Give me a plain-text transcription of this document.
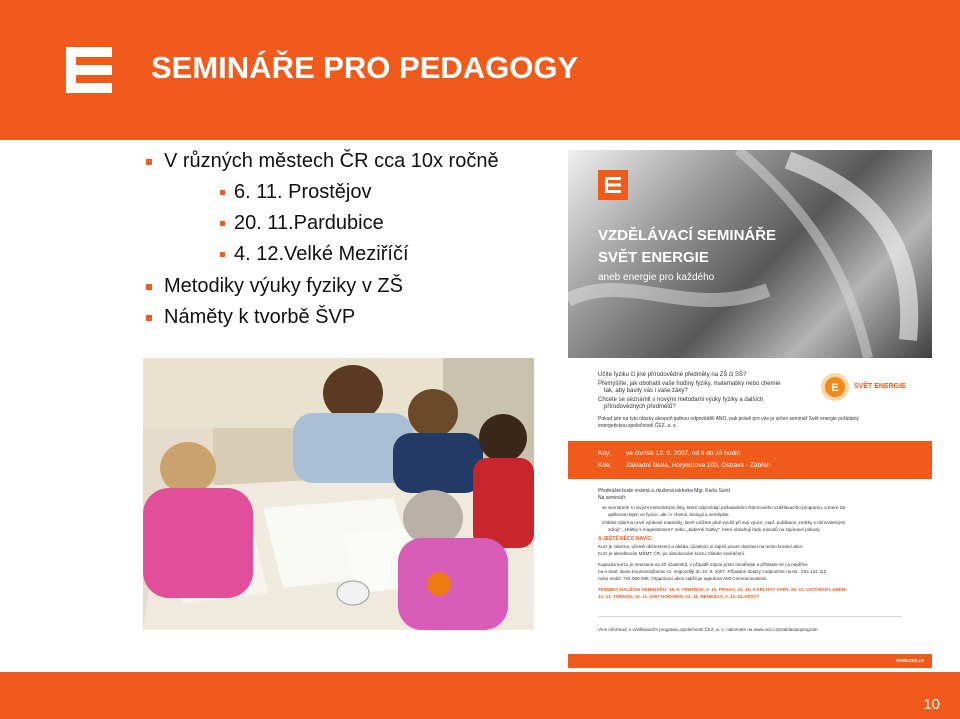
SEMINÁŘE PRO PEDAGOGY
V různých městech ČR cca 10x ročně
6. 11. Prostějov
20. 11.Pardubice
4. 12.Velké Meziříčí
Metodiky výuky fyziky v ZŠ
Náměty k tvorbě ŠVP
VZDĚLÁVACÍ SEMINÁŘE
SVĚT ENERGIE
aneb energie pro každého
Učíte fyziku či jiné přírodovědné předměty na ZŠ či SŠ?
Přemýšlíte, jak obohatit vaše hodiny fyziky, matematiky nebo chemie
tak, aby bavily vás i vaše žáky?
Chcete se seznámit s novými metodami výuky fyziky a dalších
přírodovědných předmětů?
E SVĚT ENERGIE
Pokud jste na tyto otázky alespoň jednou odpověděli ANO, pak právě pro vás je určen seminář Svět energie pořádaný
energetickou společností ČEZ, a. s.
Kdy: ve čtvrtek 13. 9. 2007, od 9 do 16 hodin
Kde: Základní škola, Horymírova 100, Ostrava - Zábřeh
Přednášet bude známá a zkušená lektorka Mgr. Karla Suntí
Na semináři:
se seznámíte s novými metodickými listy, které odpovídají požadavkům Rámcového vzdělávacího programu, a které lze
aplikovat nejen ve fyzice, ale i v chemii, biologii a zeměpise.
získáte zdarma nové výukové materiály, které můžete plně využít při své výuce, např. publikace „Hrátky s obnovitelnými
zdroji", „Hrátky s magnetismem" nebo „Jaderné hrátky", které obsahují řadu návodů na zajímavé pokusy.
A JEŠTĚ NĚCO NAVÍC:
Kurz je zdarma, včetně občerstvení a oběda, účastníci si zajistí pouze dopravu na místo konání akce
Kurz je akreditován MŠMT ČR, po absolvování kurzu získáte osvědčení.
Kapacita kurzu je omezena na 20 účastníků, v případě zájmu proto neváhejte a přihlaste se co nejdříve
na e-mail: danie.boumova@amic.cz, nejpozději do 10. 9. 2007. Případné dotazy zodpovíme na tel.: 234 124 112
nebo mobil: 724 066 055. Organizaci akce zajišťuje agentura AMI Communications.
TERMÍNY DALŠÍCH SEMINÁŘŮ: 18. 9. TRUTNOV, 3. 10. PRAHA, 23. 10. KARLOVY VARY, 26. 10. ÚSTÍ NAD LABEM,
12. 11. TURNOV, 16. 11. 2007 HODONÍN, 22. 11. BENEŠOV, 3. 12. KLATOVY
Více informací o vzdělávacím programu společnosti ČEZ, a. s. naleznete na www.cez.cz/vzdelavaciprogram
www.cez.cz
10
